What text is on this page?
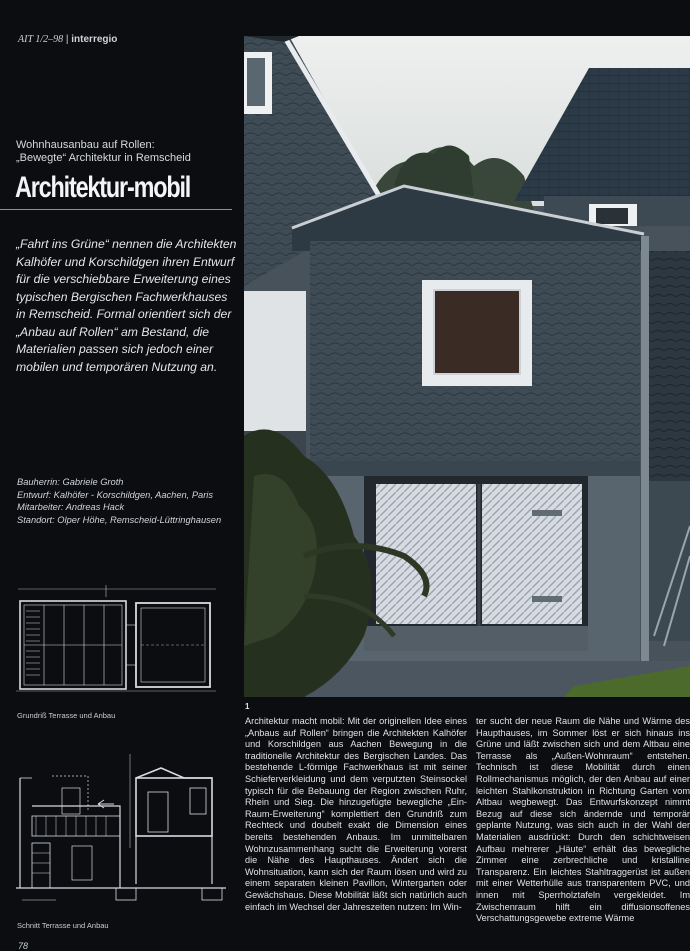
AIT 1/2–98 | interregio
Wohnhausanbau auf Rollen:
„Bewegte“ Architektur in Remscheid
Architektur-mobil
„Fahrt ins Grüne“ nennen die Architekten Kalhöfer und Korschildgen ihren Entwurf für die verschiebbare Erweiterung eines typischen Bergischen Fachwerkhauses in Remscheid. Formal orientiert sich der „Anbau auf Rollen“ am Bestand, die Materialien passen sich jedoch einer mobilen und temporären Nutzung an.
Bauherrin: Gabriele Groth
Entwurf: Kalhöfer - Korschildgen, Aachen, Paris
Mitarbeiter: Andreas Hack
Standort: Olper Höhe, Remscheid-Lüttringhausen
Grundriß Terrasse und Anbau
Schnitt Terrasse und Anbau
78
1

Architektur macht mobil: Mit der originellen Idee eines „Anbaus auf Rollen“ bringen die Architekten Kalhöfer und Korschildgen aus Aachen Bewegung in die traditionelle Architektur des Bergischen Landes. Das bestehende L-förmige Fachwerkhaus ist mit seiner Schieferverkleidung und dem verputzten Steinsockel typisch für die Bebauung der Region zwischen Ruhr, Rhein und Sieg. Die hinzugefügte bewegliche „Ein-Raum-Erweiterung“ komplettiert den Grundriß zum Rechteck und doubelt exakt die Dimension eines bereits bestehenden Anbaus. Im unmittelbaren Wohnzusammenhang sucht die Erweiterung vorerst die Nähe des Haupthauses. Ändert sich die Wohnsituation, kann sich der Raum lösen und wird zu einem separaten kleinen Pavillon, Wintergarten oder Gewächshaus. Diese Mobilität läßt sich natürlich auch einfach im Wechsel der Jahreszeiten nutzen: Im Win-

ter sucht der neue Raum die Nähe und Wärme des Haupthauses, im Sommer löst er sich hinaus ins Grüne und läßt zwischen sich und dem Altbau eine Terrasse als „Außen-Wohnraum“ entstehen. Technisch ist diese Mobilität durch einen Rollmechanismus möglich, der den Anbau auf einer leichten Stahlkonstruktion in Richtung Garten vom Altbau wegbewegt. Das Entwurfskonzept nimmt Bezug auf diese sich ändernde und temporär geplante Nutzung, was sich auch in der Wahl der Materialien ausdrückt: Durch den schichtweisen Aufbau mehrerer „Häute“ erhält das bewegliche Zimmer eine zerbrechliche und kristalline Transparenz. Ein leichtes Stahltraggerüst ist außen mit einer Wetterhülle aus transparentem PVC, und innen mit Sperrholztafeln vergekleidet. Im Zwischenraum hilft ein diffusionsoffenes Verschattungsgewebe extreme Wärme
